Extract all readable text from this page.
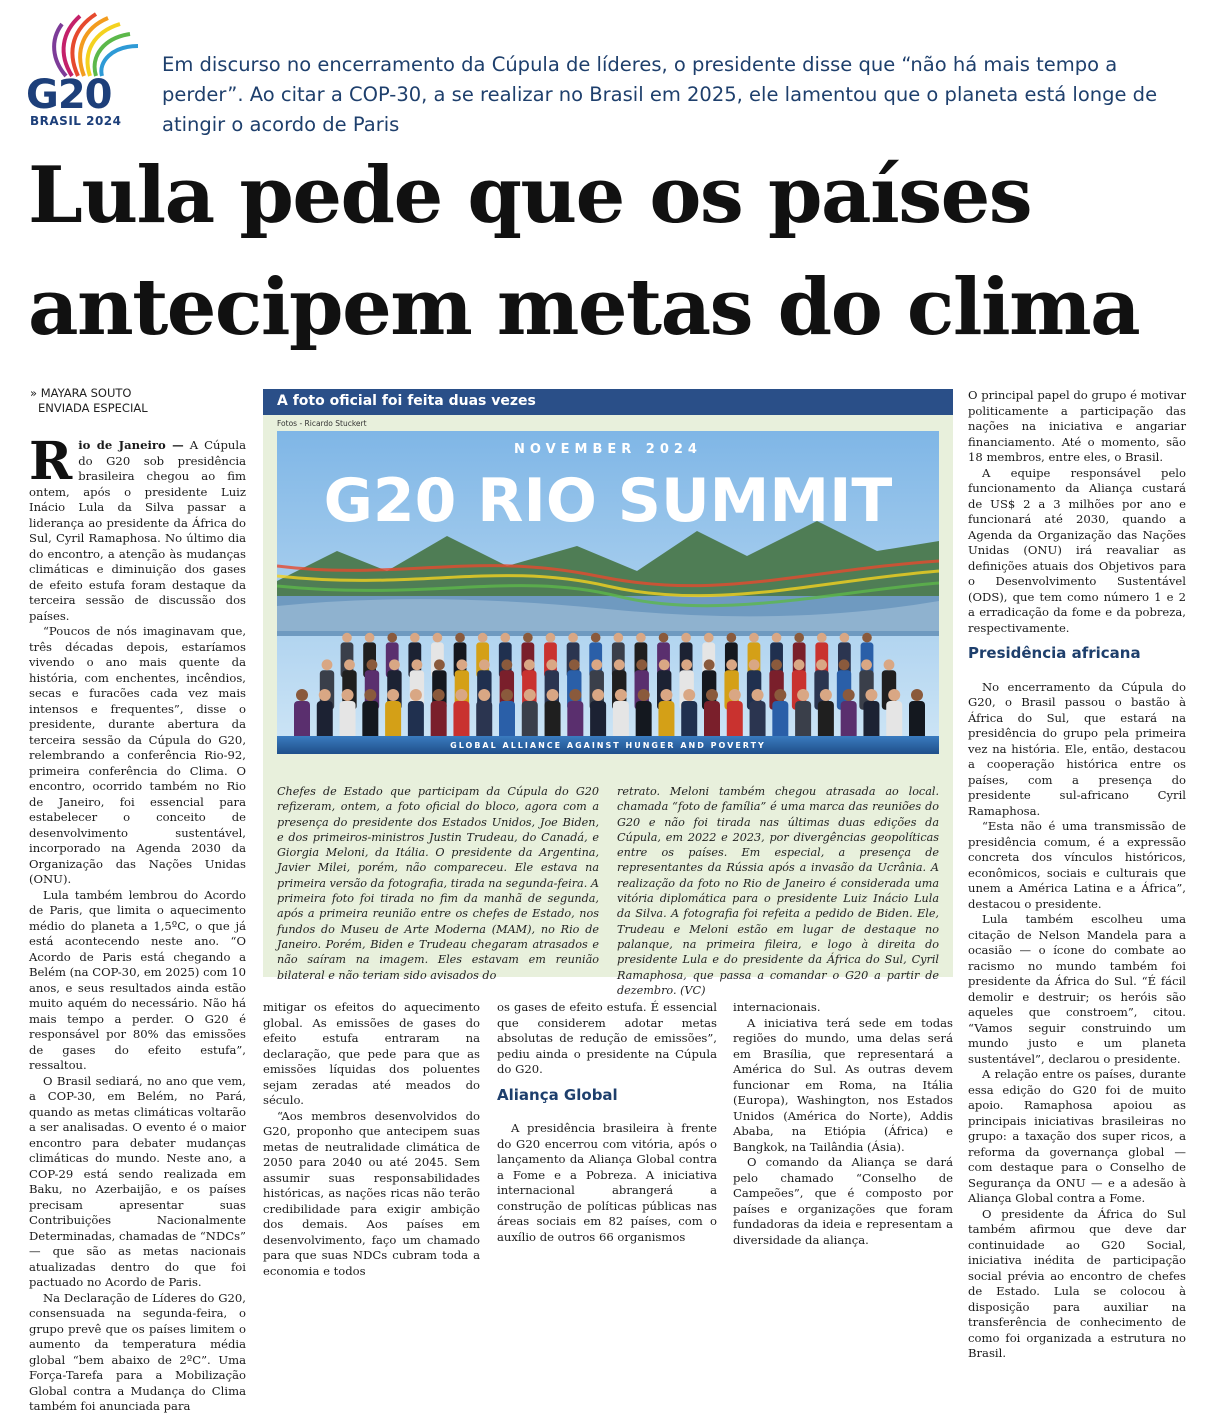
G20
BRASIL 2024
Em discurso no encerramento da Cúpula de líderes, o presidente disse que “não há mais tempo a perder”. Ao citar a COP-30, a se realizar no Brasil em 2025, ele lamentou que o planeta está longe de atingir o acordo de Paris
Lula pede que os países antecipem metas do clima
» MAYARA SOUTO
ENVIADA ESPECIAL

Rio de Janeiro — A Cúpula do G20 sob presidência brasileira chegou ao fim ontem, após o presidente Luiz Inácio Lula da Silva passar a liderança ao presidente da África do Sul, Cyril Ramaphosa. No último dia do encontro, a atenção às mudanças climáticas e diminuição dos gases de efeito estufa foram destaque da terceira sessão de discussão dos países.

“Poucos de nós imaginavam que, três décadas depois, estaríamos vivendo o ano mais quente da história, com enchentes, incêndios, secas e furacões cada vez mais intensos e frequentes”, disse o presidente, durante abertura da terceira sessão da Cúpula do G20, relembrando a conferência Rio-92, primeira conferência do Clima. O encontro, ocorrido também no Rio de Janeiro, foi essencial para estabelecer o conceito de desenvolvimento sustentável, incorporado na Agenda 2030 da Organização das Nações Unidas (ONU).

Lula também lembrou do Acordo de Paris, que limita o aquecimento médio do planeta a 1,5ºC, o que já está acontecendo neste ano. “O Acordo de Paris está chegando a Belém (na COP-30, em 2025) com 10 anos, e seus resultados ainda estão muito aquém do necessário. Não há mais tempo a perder. O G20 é responsável por 80% das emissões de gases do efeito estufa”, ressaltou.

O Brasil sediará, no ano que vem, a COP-30, em Belém, no Pará, quando as metas climáticas voltarão a ser analisadas. O evento é o maior encontro para debater mudanças climáticas do mundo. Neste ano, a COP-29 está sendo realizada em Baku, no Azerbaijão, e os países precisam apresentar suas Contribuições Nacionalmente Determinadas, chamadas de “NDCs” — que são as metas nacionais atualizadas dentro do que foi pactuado no Acordo de Paris.

Na Declaração de Líderes do G20, consensuada na segunda-feira, o grupo prevê que os países limitem o aumento da temperatura média global “bem abaixo de 2ºC”. Uma Força-Tarefa para a Mobilização Global contra a Mudança do Clima também foi anunciada para

A foto oficial foi feita duas vezes
Fotos - Ricardo Stuckert
NOVEMBER 2024
G20 RIO SUMMIT
GLOBAL ALLIANCE AGAINST HUNGER AND POVERTY
Chefes de Estado que participam da Cúpula do G20 refizeram, ontem, a foto oficial do bloco, agora com a presença do presidente dos Estados Unidos, Joe Biden, e dos primeiros-ministros Justin Trudeau, do Canadá, e Giorgia Meloni, da Itália. O presidente da Argentina, Javier Milei, porém, não compareceu. Ele estava na primeira versão da fotografia, tirada na segunda-feira. A primeira foto foi tirada no fim da manhã de segunda, após a primeira reunião entre os chefes de Estado, nos fundos do Museu de Arte Moderna (MAM), no Rio de Janeiro. Porém, Biden e Trudeau chegaram atrasados e não saíram na imagem. Eles estavam em reunião bilateral e não teriam sido avisados do
retrato. Meloni também chegou atrasada ao local. chamada “foto de família” é uma marca das reuniões do G20 e não foi tirada nas últimas duas edições da Cúpula, em 2022 e 2023, por divergências geopolíticas entre os países. Em especial, a presença de representantes da Rússia após a invasão da Ucrânia. A realização da foto no Rio de Janeiro é considerada uma vitória diplomática para o presidente Luiz Inácio Lula da Silva. A fotografia foi refeita a pedido de Biden. Ele, Trudeau e Meloni estão em lugar de destaque no palanque, na primeira fileira, e logo à direita do presidente Lula e do presidente da África do Sul, Cyril Ramaphosa, que passa a comandar o G20 a partir de dezembro. (VC)

mitigar os efeitos do aquecimento global. As emissões de gases do efeito estufa entraram na declaração, que pede para que as emissões líquidas dos poluentes sejam zeradas até meados do século.

“Aos membros desenvolvidos do G20, proponho que antecipem suas metas de neutralidade climática de 2050 para 2040 ou até 2045. Sem assumir suas responsabilidades históricas, as nações ricas não terão credibilidade para exigir ambição dos demais. Aos países em desenvolvimento, faço um chamado para que suas NDCs cubram toda a economia e todos

os gases de efeito estufa. É essencial que considerem adotar metas absolutas de redução de emissões”, pediu ainda o presidente na Cúpula do G20.

Aliança Global

A presidência brasileira à frente do G20 encerrou com vitória, após o lançamento da Aliança Global contra a Fome e a Pobreza. A iniciativa internacional abrangerá a construção de políticas públicas nas áreas sociais em 82 países, com o auxílio de outros 66 organismos

internacionais.

A iniciativa terá sede em todas regiões do mundo, uma delas será em Brasília, que representará a América do Sul. As outras devem funcionar em Roma, na Itália (Europa), Washington, nos Estados Unidos (América do Norte), Addis Ababa, na Etiópia (África) e Bangkok, na Tailândia (Ásia).

O comando da Aliança se dará pelo chamado “Conselho de Campeões”, que é composto por países e organizações que foram fundadoras da ideia e representam a diversidade da aliança.

O principal papel do grupo é motivar politicamente a participação das nações na iniciativa e angariar financiamento. Até o momento, são 18 membros, entre eles, o Brasil.

A equipe responsável pelo funcionamento da Aliança custará de US$ 2 a 3 milhões por ano e funcionará até 2030, quando a Agenda da Organização das Nações Unidas (ONU) irá reavaliar as definições atuais dos Objetivos para o Desenvolvimento Sustentável (ODS), que tem como número 1 e 2 a erradicação da fome e da pobreza, respectivamente.

Presidência africana

No encerramento da Cúpula do G20, o Brasil passou o bastão à África do Sul, que estará na presidência do grupo pela primeira vez na história. Ele, então, destacou a cooperação histórica entre os países, com a presença do presidente sul-africano Cyril Ramaphosa.

“Esta não é uma transmissão de presidência comum, é a expressão concreta dos vínculos históricos, econômicos, sociais e culturais que unem a América Latina e a África”, destacou o presidente.

Lula também escolheu uma citação de Nelson Mandela para a ocasião — o ícone do combate ao racismo no mundo também foi presidente da África do Sul. “É fácil demolir e destruir; os heróis são aqueles que constroem”, citou. “Vamos seguir construindo um mundo justo e um planeta sustentável”, declarou o presidente.

A relação entre os países, durante essa edição do G20 foi de muito apoio. Ramaphosa apoiou as principais iniciativas brasileiras no grupo: a taxação dos super ricos, a reforma da governança global — com destaque para o Conselho de Segurança da ONU — e a adesão à Aliança Global contra a Fome.

O presidente da África do Sul também afirmou que deve dar continuidade ao G20 Social, iniciativa inédita de participação social prévia ao encontro de chefes de Estado. Lula se colocou à disposição para auxiliar na transferência de conhecimento de como foi organizada a estrutura no Brasil.
